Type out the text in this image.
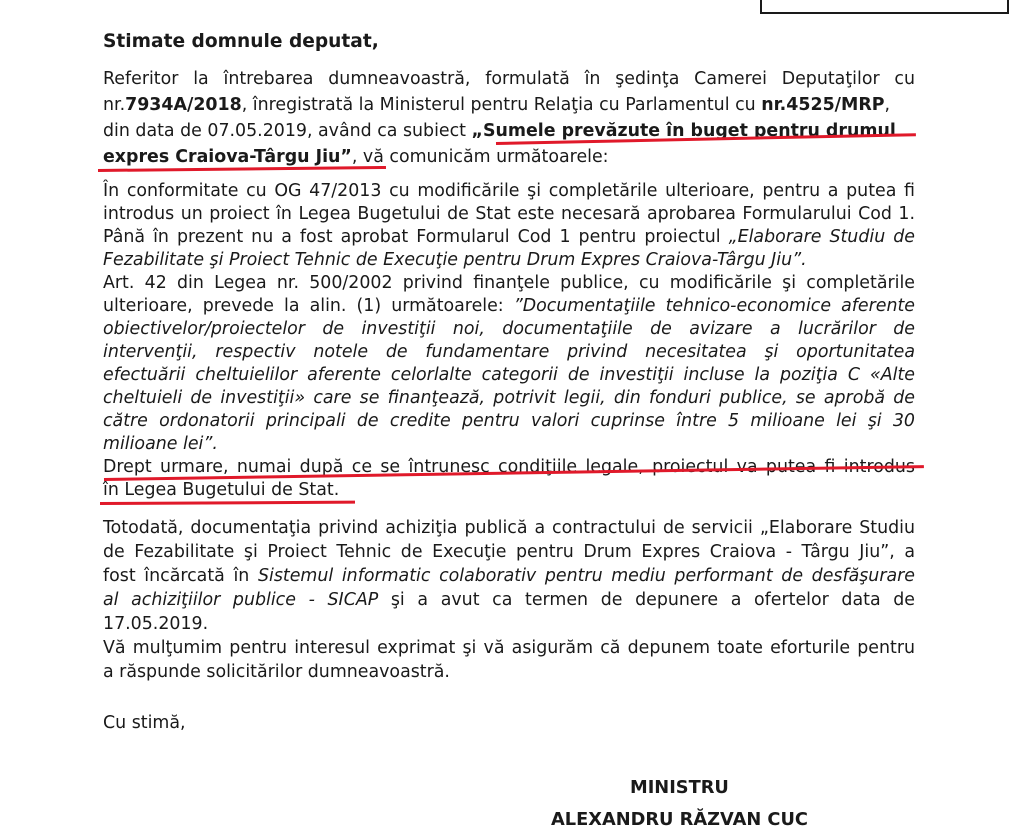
Stimate domnule deputat,
Referitor la întrebarea dumneavoastră, formulată în şedinţa Camerei Deputaţilor cu
nr.7934A/2018, înregistrată la Ministerul pentru Relaţia cu Parlamentul cu nr.4525/MRP,
din data de 07.05.2019, având ca subiect „Sumele prevăzute în buget pentru drumul
expres Craiova-Târgu Jiu”, vă comunicăm următoarele:
În conformitate cu OG 47/2013 cu modificările şi completările ulterioare, pentru a putea fi
introdus un proiect în Legea Bugetului de Stat este necesară aprobarea Formularului Cod 1.
Până în prezent nu a fost aprobat Formularul Cod 1 pentru proiectul „Elaborare Studiu de
Fezabilitate şi Proiect Tehnic de Execuţie pentru Drum Expres Craiova-Târgu Jiu”.
Art. 42 din Legea nr. 500/2002 privind finanţele publice, cu modificările şi completările
ulterioare, prevede la alin. (1) următoarele: ”Documentaţiile tehnico-economice aferente
obiectivelor/proiectelor de investiţii noi, documentaţiile de avizare a lucrărilor de
intervenţii, respectiv notele de fundamentare privind necesitatea şi oportunitatea
efectuării cheltuielilor aferente celorlalte categorii de investiţii incluse la poziţia C «Alte
cheltuieli de investiţii» care se finanţează, potrivit legii, din fonduri publice, se aprobă de
către ordonatorii principali de credite pentru valori cuprinse între 5 milioane lei şi 30
milioane lei”.
Drept urmare, numai după ce se întrunesc condiţiile legale, proiectul va putea fi introdus
în Legea Bugetului de Stat.
Totodată, documentaţia privind achiziţia publică a contractului de servicii „Elaborare Studiu
de Fezabilitate şi Proiect Tehnic de Execuţie pentru Drum Expres Craiova - Târgu Jiu”, a
fost încărcată în Sistemul informatic colaborativ pentru mediu performant de desfăşurare
al achiziţiilor publice - SICAP şi a avut ca termen de depunere a ofertelor data de
17.05.2019.
Vă mulţumim pentru interesul exprimat şi vă asigurăm că depunem toate eforturile pentru
a răspunde solicitărilor dumneavoastră.
Cu stimă,
MINISTRU
ALEXANDRU RĂZVAN CUC
